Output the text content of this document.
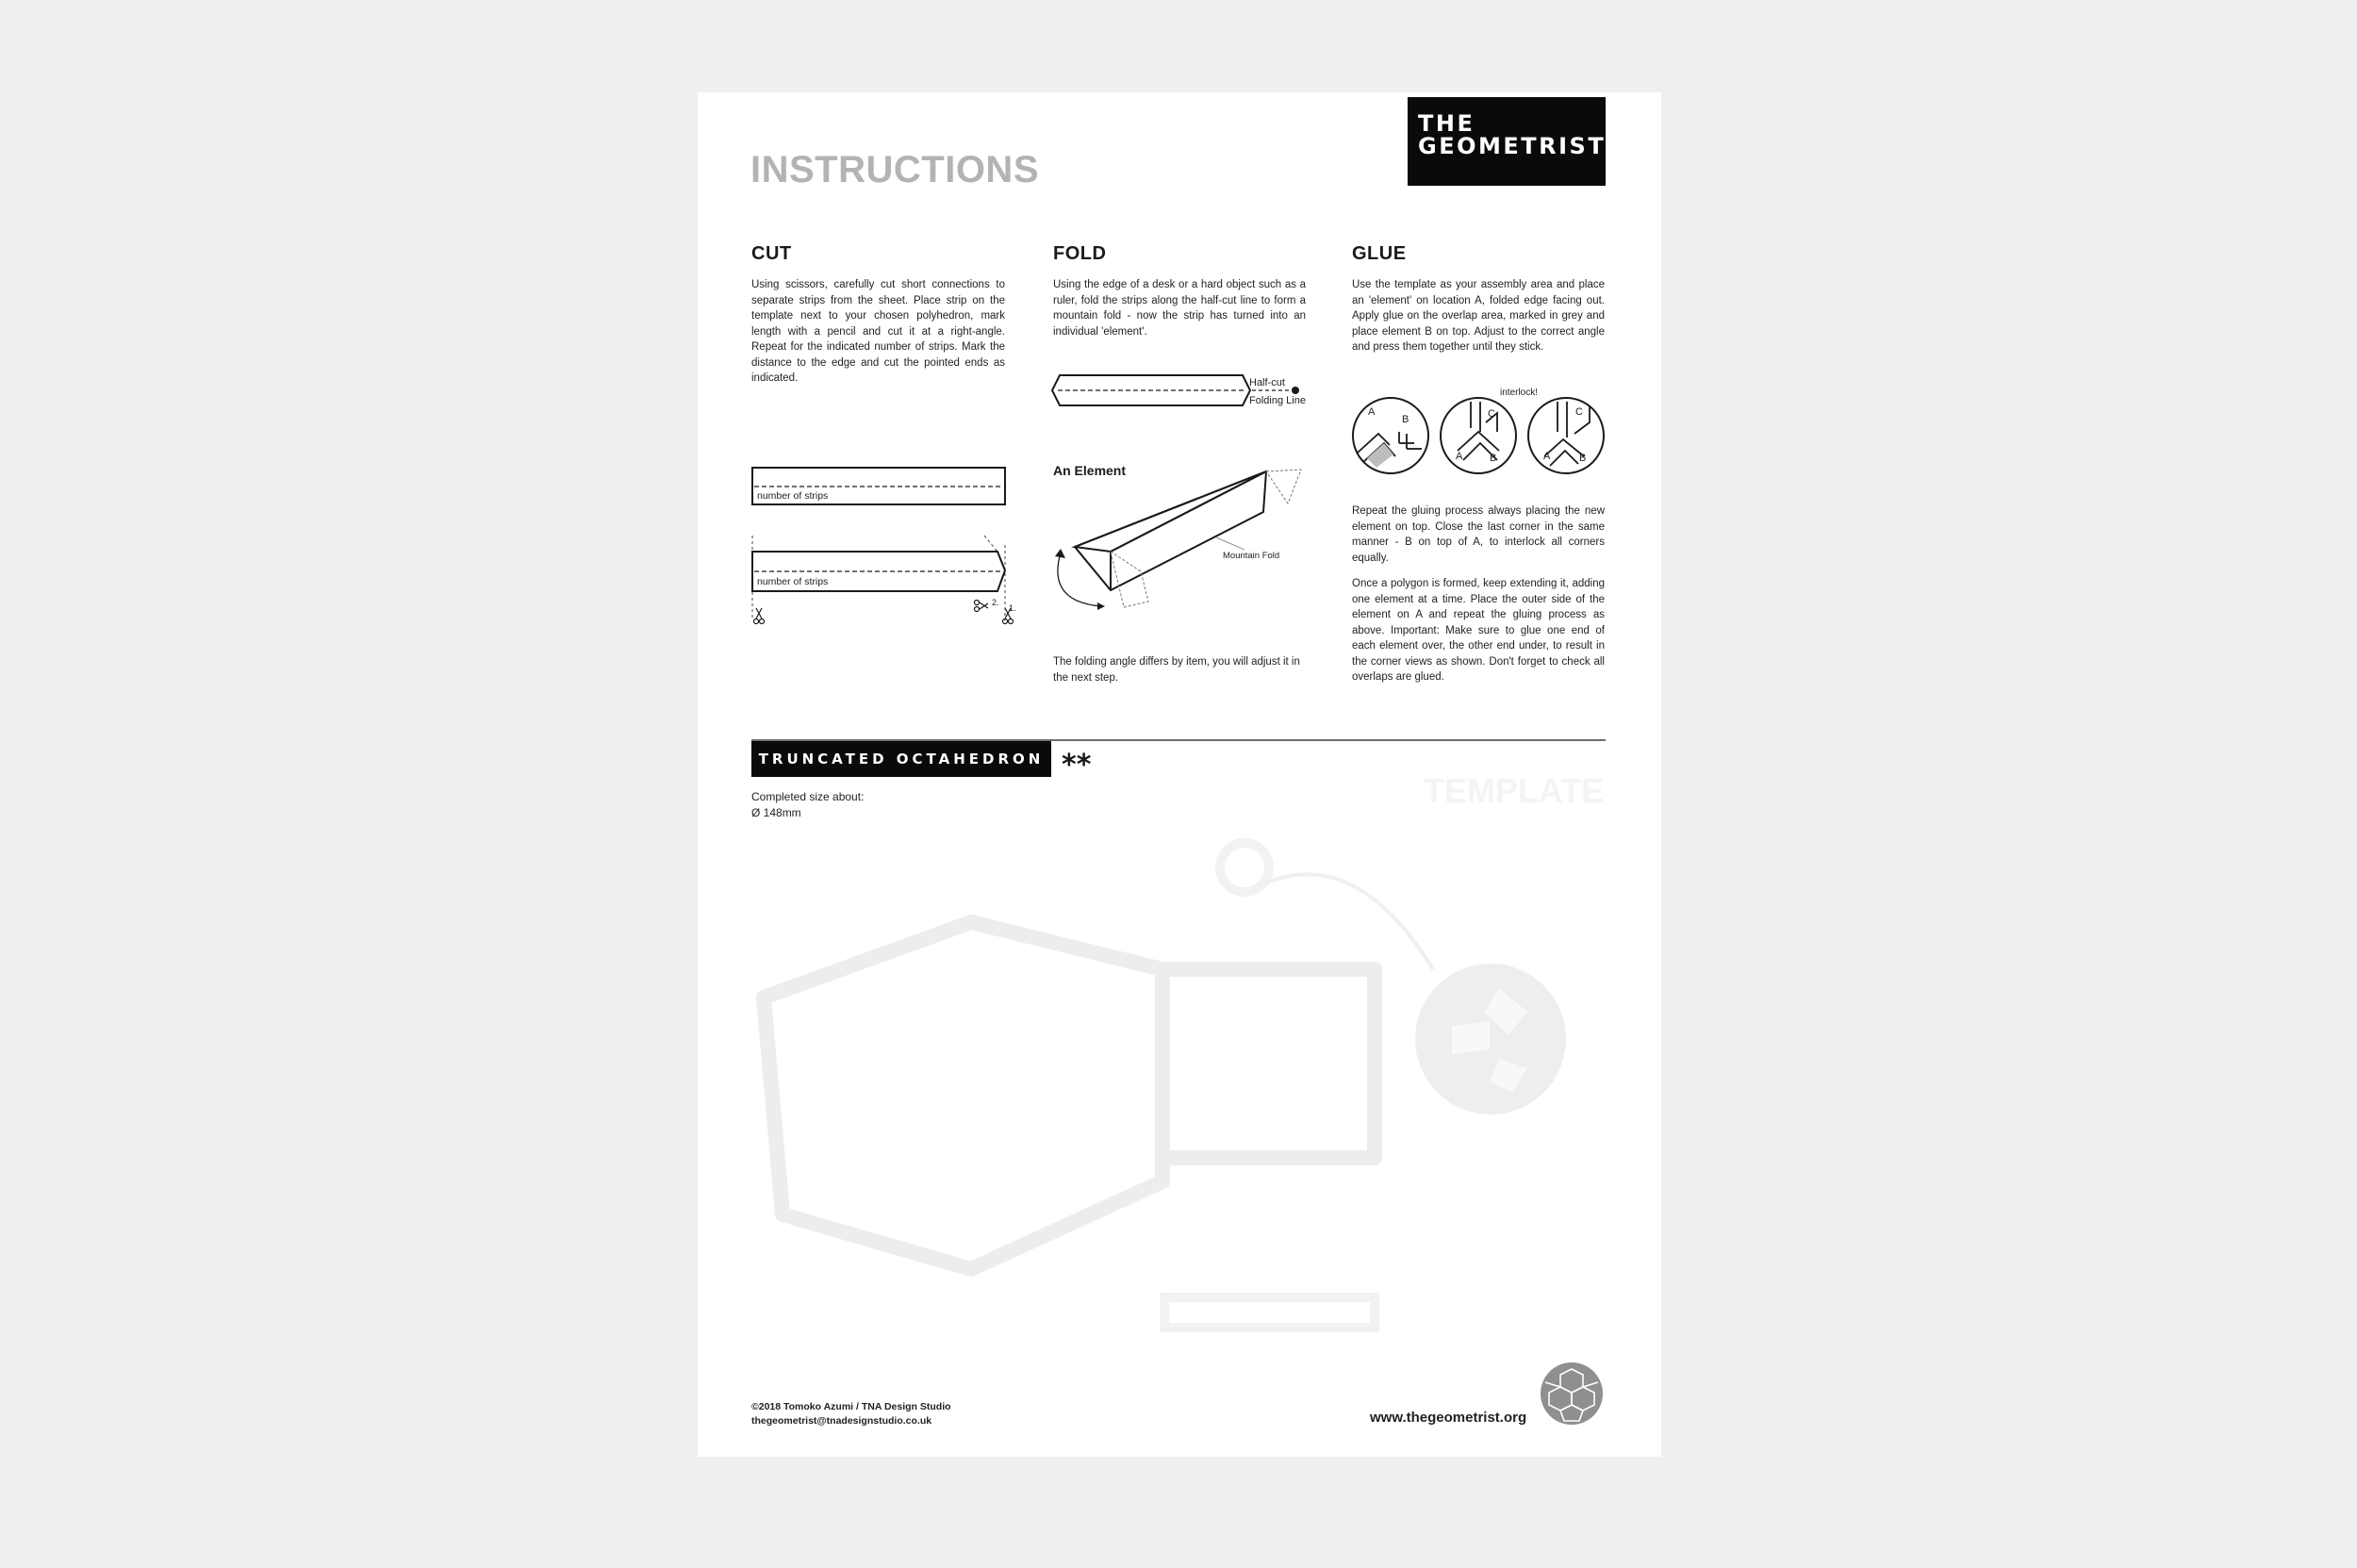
INSTRUCTIONS
THE
GEOMETRIST
CUT
Using scissors, carefully cut short connections to separate strips from the sheet. Place strip on the template next to your chosen polyhedron, mark length with a pencil and cut it at a right-angle. Repeat for the indicated number of strips. Mark the distance to the edge and cut the pointed ends as indicated.
number of strips
number of strips
1.
2.
FOLD
Using the edge of a desk or a hard object such as a ruler, fold the strips along the half-cut line to form a mountain fold - now the strip has turned into an individual 'element'.
Half-cut
Folding Line
An Element
Mountain Fold
The folding angle differs by item, you will adjust it in the next step.
GLUE
Use the template as your assembly area and place an 'element' on location A, folded edge facing out. Apply glue on the overlap area, marked in grey and place element B on top. Adjust to the correct angle and press them together until they stick.
interlock!
A
B	C
A	B
C
A	B
Repeat the gluing process always placing the new element on top. Close the last corner in the same manner - B on top of A, to interlock all corners equally.
Once a polygon is formed, keep extending it, adding one element at a time. Place the outer side of the element on A and repeat the gluing process as above. Important: Make sure to glue one end of each element over, the other end under, to result in the corner views as shown. Don't forget to check all overlaps are glued.
TRUNCATED OCTAHEDRON **
Completed size about:
Ø 148mm
TEMPLATE
©2018 Tomoko Azumi / TNA Design Studio
thegeometrist@tnadesignstudio.co.uk	www.thegeometrist.org
